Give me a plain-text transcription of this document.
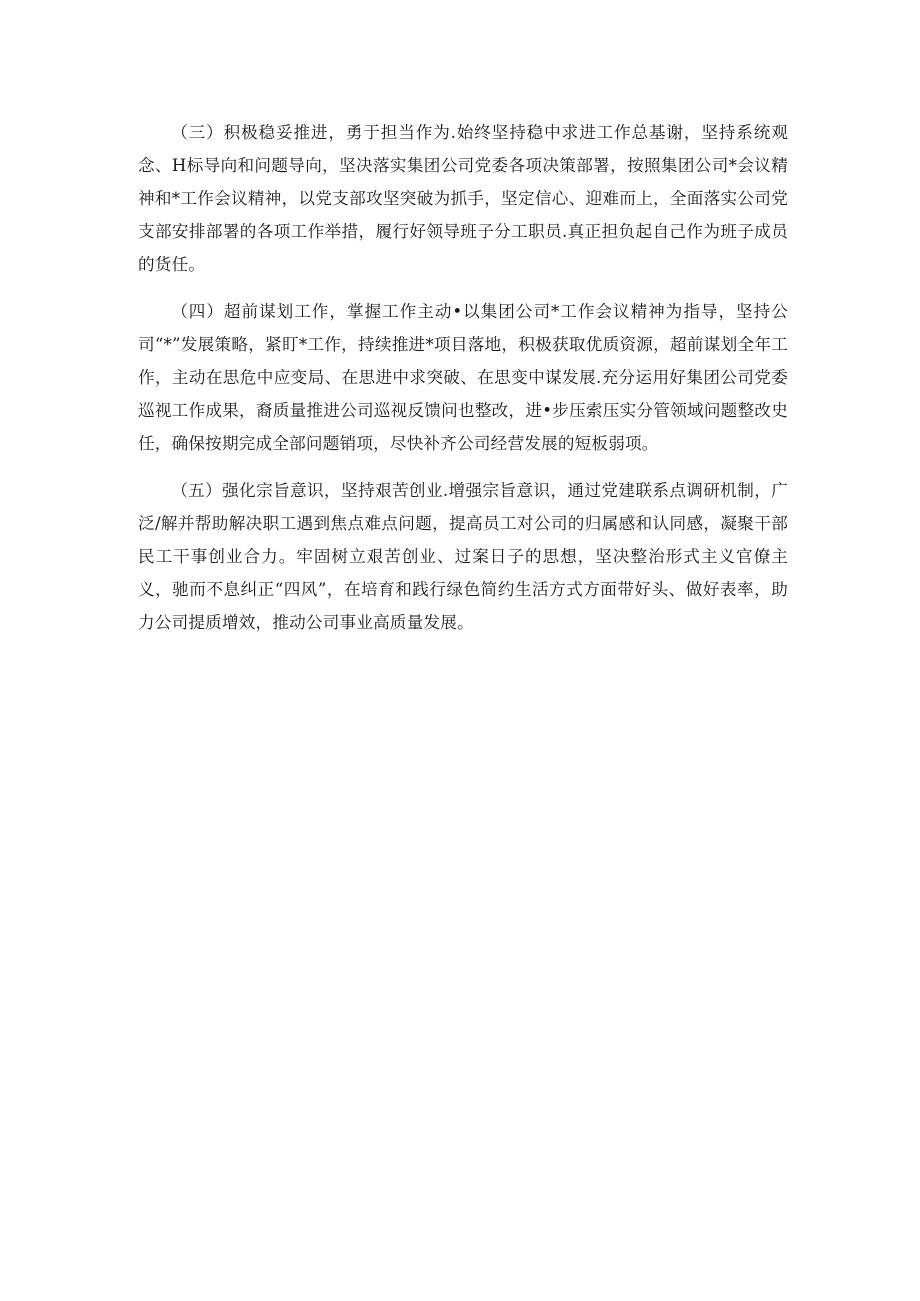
（三）积极稳妥推进，勇于担当作为.始终坚持稳中求进工作总基谢，坚持系统观念、H标导向和问题导向，坚决落实集团公司党委各项决策部署，按照集团公司*会议精神和*工作会议精神，以党支部攻坚突破为抓手，坚定信心、迎难而上，全面落实公司党支部安排部署的各项工作举措，履行好领导班子分工职员.真正担负起自己作为班子成员的货任。

（四）超前谋划工作，掌握工作主动•以集团公司*工作会议精神为指导，坚持公司“*”发展策略，紧盯*工作，持续推进*项目落地，积极获取优质资源，超前谋划全年工作，主动在思危中应变局、在思进中求突破、在思变中谋发展.充分运用好集团公司党委巡视工作成果，裔质量推进公司巡视反馈问也整改，进•步压索压实分管领域问题整改史任，确保按期完成全部问题销项，尽快补齐公司经营发展的短板弱项。

（五）强化宗旨意识，坚持艰苦创业.增强宗旨意识，通过党建联系点调研机制，广泛/解并帮助解决职工遇到焦点难点问题，提高员工对公司的归属感和认同感，凝聚干部民工干事创业合力。牢固树立艰苦创业、过案日子的思想，坚决整治形式主义官僚主义，驰而不息纠正“四风”，在培育和践行绿色简约生活方式方面带好头、做好表率，助力公司提质增效，推动公司事业高质量发展。
